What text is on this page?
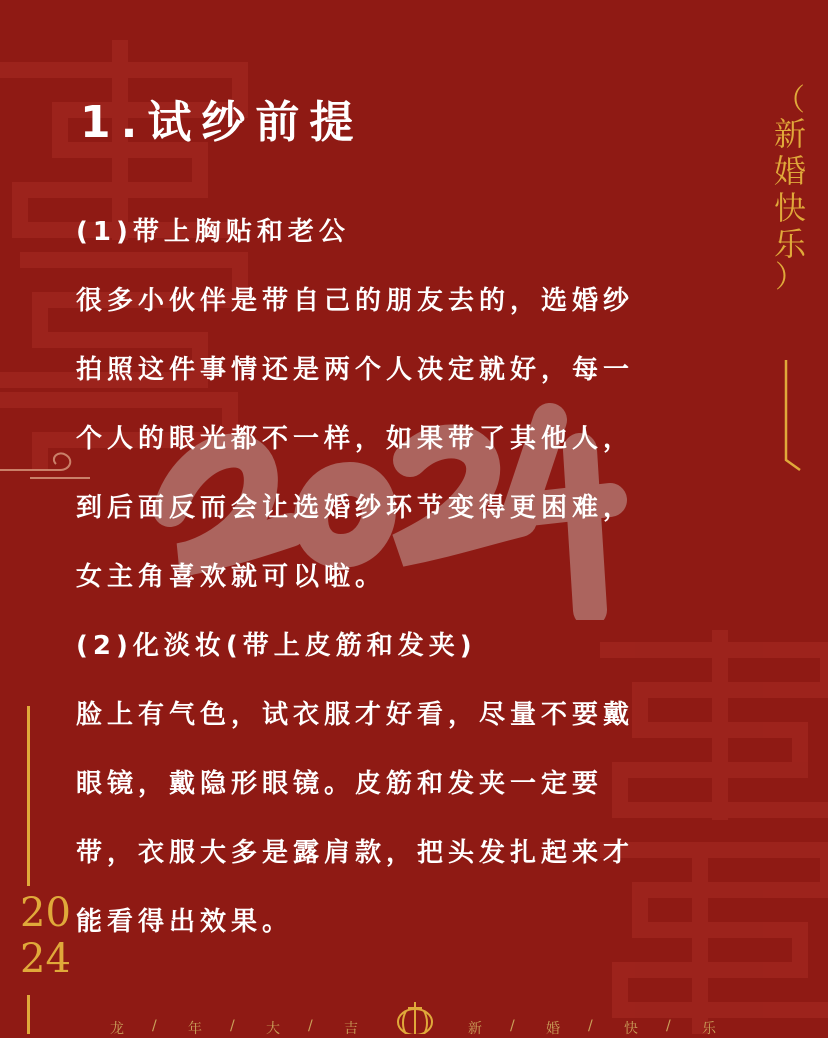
1.试纱前提

(1)带上胸贴和老公

很多小伙伴是带自己的朋友去的，选婚纱

拍照这件事情还是两个人决定就好，每一

个人的眼光都不一样，如果带了其他人，

到后面反而会让选婚纱环节变得更困难，

女主角喜欢就可以啦。

(2)化淡妆(带上皮筋和发夹)

脸上有气色，试衣服才好看，尽量不要戴

眼镜，戴隐形眼镜。皮筋和发夹一定要

带，衣服大多是露肩款，把头发扎起来才

能看得出效果。

（
新
婚
快
乐
）
20
24
龙 / 年 / 大 / 吉	新 / 婚 / 快 / 乐
